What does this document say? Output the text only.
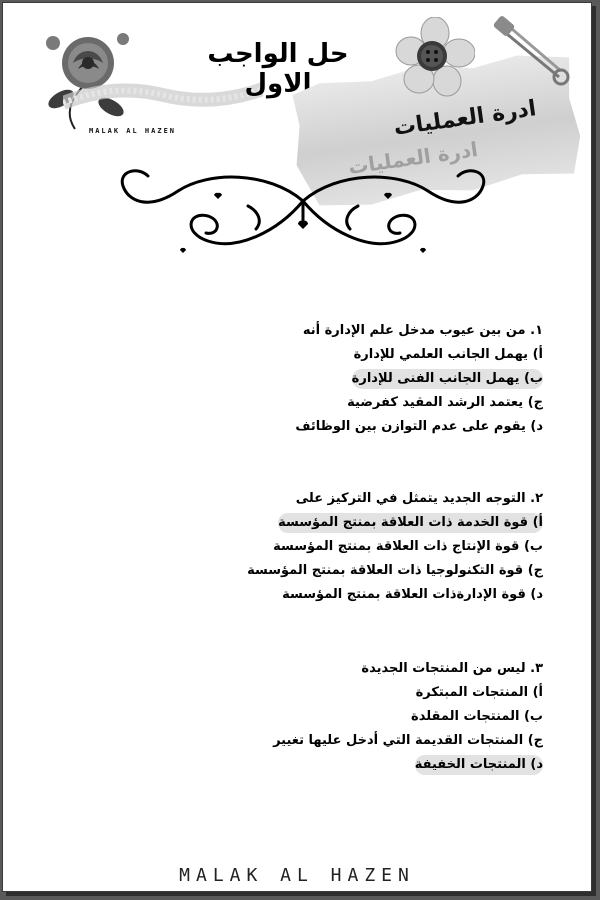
MALAK AL HAZEN
حل الواجب الاول
ادرة العمليات
ادرة العمليات
١. من بين عيوب مدخل علم الإدارة أنه
أ) يهمل الجانب العلمي للإدارة
ب) يهمل الجانب الفنى للإدارة
ج) يعتمد الرشد المقيد كفرضية
د) يقوم على عدم التوازن بين الوظائف
٢. التوجه الجديد يتمثل في التركيز على
أ) قوة الخدمة ذات العلاقة بمنتج المؤسسة
ب) قوة الإنتاج ذات العلاقة بمنتج المؤسسة
ج) قوة التكنولوجيا ذات العلاقة بمنتج المؤسسة
د) قوة الإدارةذات العلاقة بمنتج المؤسسة
٣. ليس من المنتجات الجديدة
أ) المنتجات المبتكرة
ب) المنتجات المقلدة
ج) المنتجات القديمة التي أدخل عليها تغيير
د) المنتجات الخفيفة
MALAK AL HAZEN
